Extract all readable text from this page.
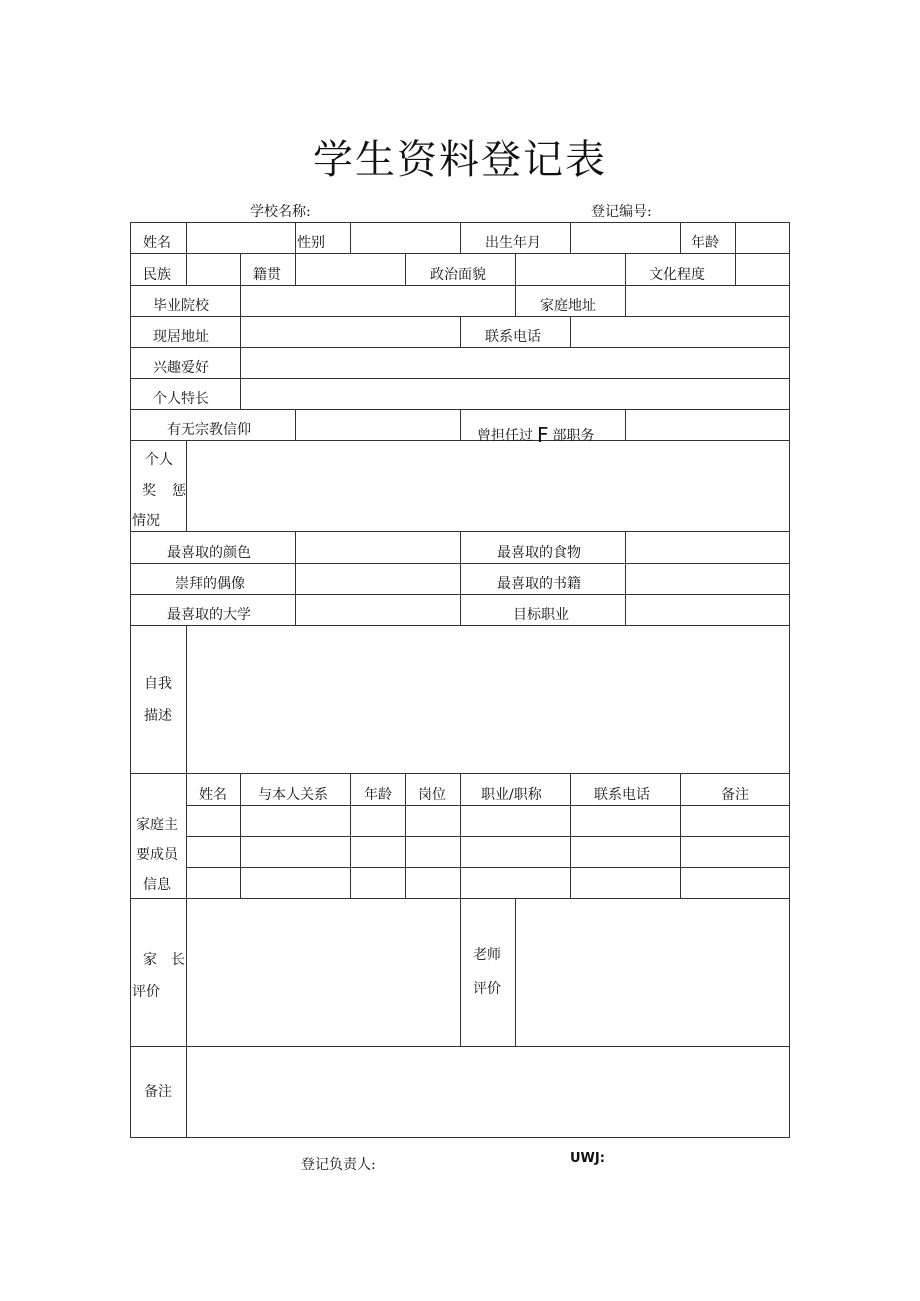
学生资料登记表
学校名称:	登记编号:
姓名	性别	出生年月	年龄
民族	籍贯	政治面貌	文化程度
毕业院校	家庭地址
现居地址	联系电话
兴趣爱好
个人特长
有无宗教信仰	曾担任过 F 部职务
个人
奖 惩
情况
最喜取的颜色	最喜取的食物
崇拜的偶像	最喜取的书籍
最喜取的大学	目标职业
自我
描述
姓名 与本人关系	年龄 岗位	职业/职称	联系电话	备注
家庭主
要成员
信息
家 长
评价
老师
评价
备注
登记负责人:	UWJ:
